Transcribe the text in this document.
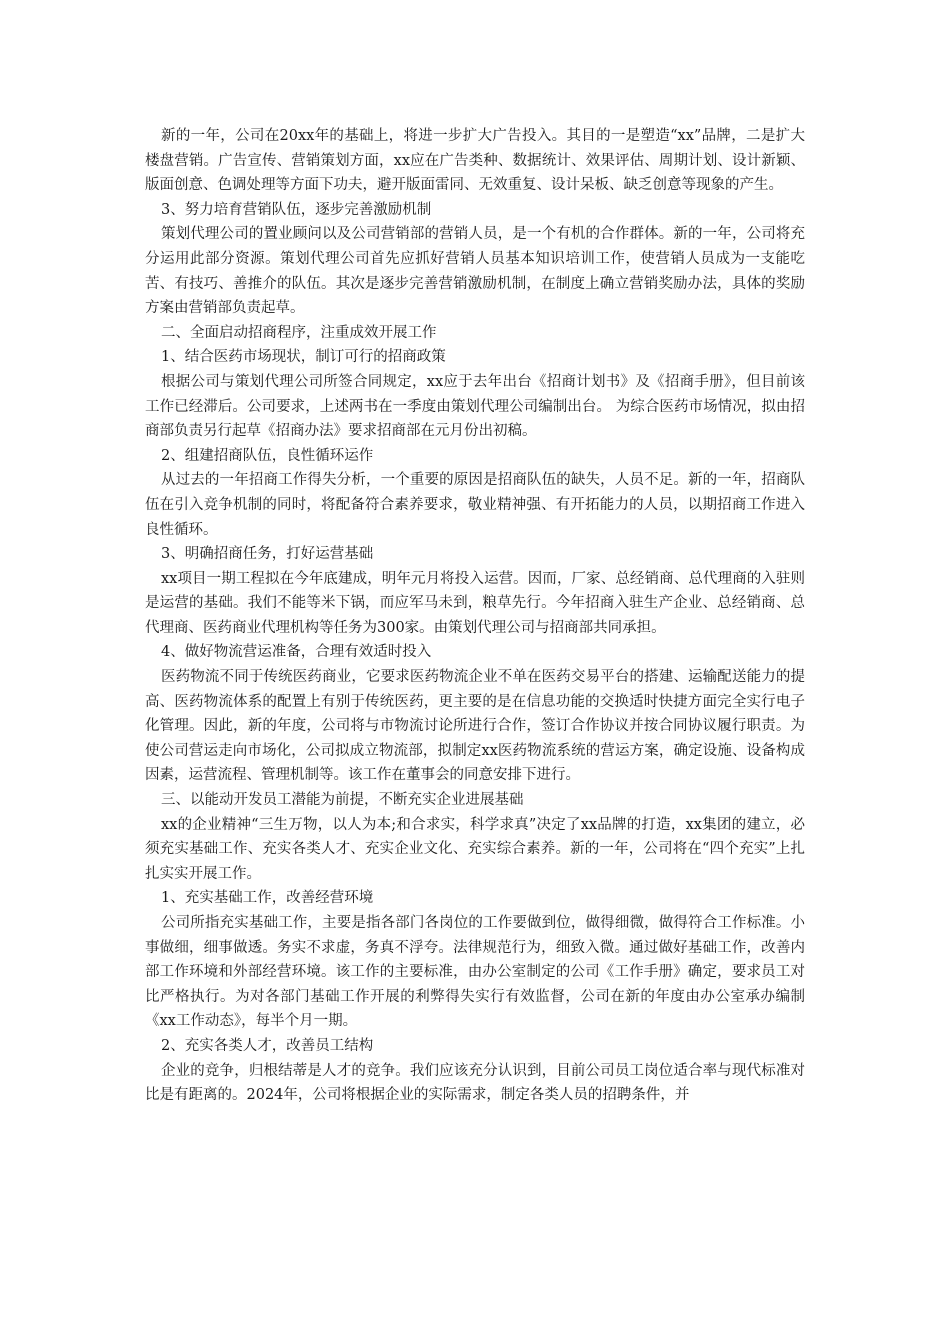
新的一年，公司在20xx年的基础上，将进一步扩大广告投入。其目的一是塑造“xx”品牌，二是扩大楼盘营销。广告宣传、营销策划方面，xx应在广告类种、数据统计、效果评估、周期计划、设计新颖、版面创意、色调处理等方面下功夫，避开版面雷同、无效重复、设计呆板、缺乏创意等现象的产生。

3、努力培育营销队伍，逐步完善激励机制

策划代理公司的置业顾问以及公司营销部的营销人员，是一个有机的合作群体。新的一年，公司将充分运用此部分资源。策划代理公司首先应抓好营销人员基本知识培训工作，使营销人员成为一支能吃苦、有技巧、善推介的队伍。其次是逐步完善营销激励机制，在制度上确立营销奖励办法，具体的奖励方案由营销部负责起草。

二、全面启动招商程序，注重成效开展工作

1、结合医药市场现状，制订可行的招商政策

根据公司与策划代理公司所签合同规定，xx应于去年出台《招商计划书》及《招商手册》，但目前该工作已经滞后。公司要求，上述两书在一季度由策划代理公司编制出台。 为综合医药市场情况，拟由招商部负责另行起草《招商办法》要求招商部在元月份出初稿。

2、组建招商队伍，良性循环运作

从过去的一年招商工作得失分析，一个重要的原因是招商队伍的缺失，人员不足。新的一年，招商队伍在引入竞争机制的同时，将配备符合素养要求，敬业精神强、有开拓能力的人员，以期招商工作进入良性循环。

3、明确招商任务，打好运营基础

xx项目一期工程拟在今年底建成，明年元月将投入运营。因而，厂家、总经销商、总代理商的入驻则是运营的基础。我们不能等米下锅，而应军马未到，粮草先行。今年招商入驻生产企业、总经销商、总代理商、医药商业代理机构等任务为300家。由策划代理公司与招商部共同承担。

4、做好物流营运准备，合理有效适时投入

医药物流不同于传统医药商业，它要求医药物流企业不单在医药交易平台的搭建、运输配送能力的提高、医药物流体系的配置上有别于传统医药，更主要的是在信息功能的交换适时快捷方面完全实行电子化管理。因此，新的年度，公司将与市物流讨论所进行合作，签订合作协议并按合同协议履行职责。为使公司营运走向市场化，公司拟成立物流部，拟制定xx医药物流系统的营运方案，确定设施、设备构成因素，运营流程、管理机制等。该工作在董事会的同意安排下进行。

三、以能动开发员工潜能为前提，不断充实企业进展基础

xx的企业精神“三生万物，以人为本;和合求实，科学求真”决定了xx品牌的打造，xx集团的建立，必须充实基础工作、充实各类人才、充实企业文化、充实综合素养。新的一年，公司将在“四个充实”上扎扎实实开展工作。

1、充实基础工作，改善经营环境

公司所指充实基础工作，主要是指各部门各岗位的工作要做到位，做得细微，做得符合工作标准。小事做细，细事做透。务实不求虚，务真不浮夸。法律规范行为，细致入微。通过做好基础工作，改善内部工作环境和外部经营环境。该工作的主要标准，由办公室制定的公司《工作手册》确定，要求员工对比严格执行。为对各部门基础工作开展的利弊得失实行有效监督，公司在新的年度由办公室承办编制《xx工作动态》，每半个月一期。

2、充实各类人才，改善员工结构

企业的竞争，归根结蒂是人才的竞争。我们应该充分认识到，目前公司员工岗位适合率与现代标准对比是有距离的。2024年，公司将根据企业的实际需求，制定各类人员的招聘条件，并
